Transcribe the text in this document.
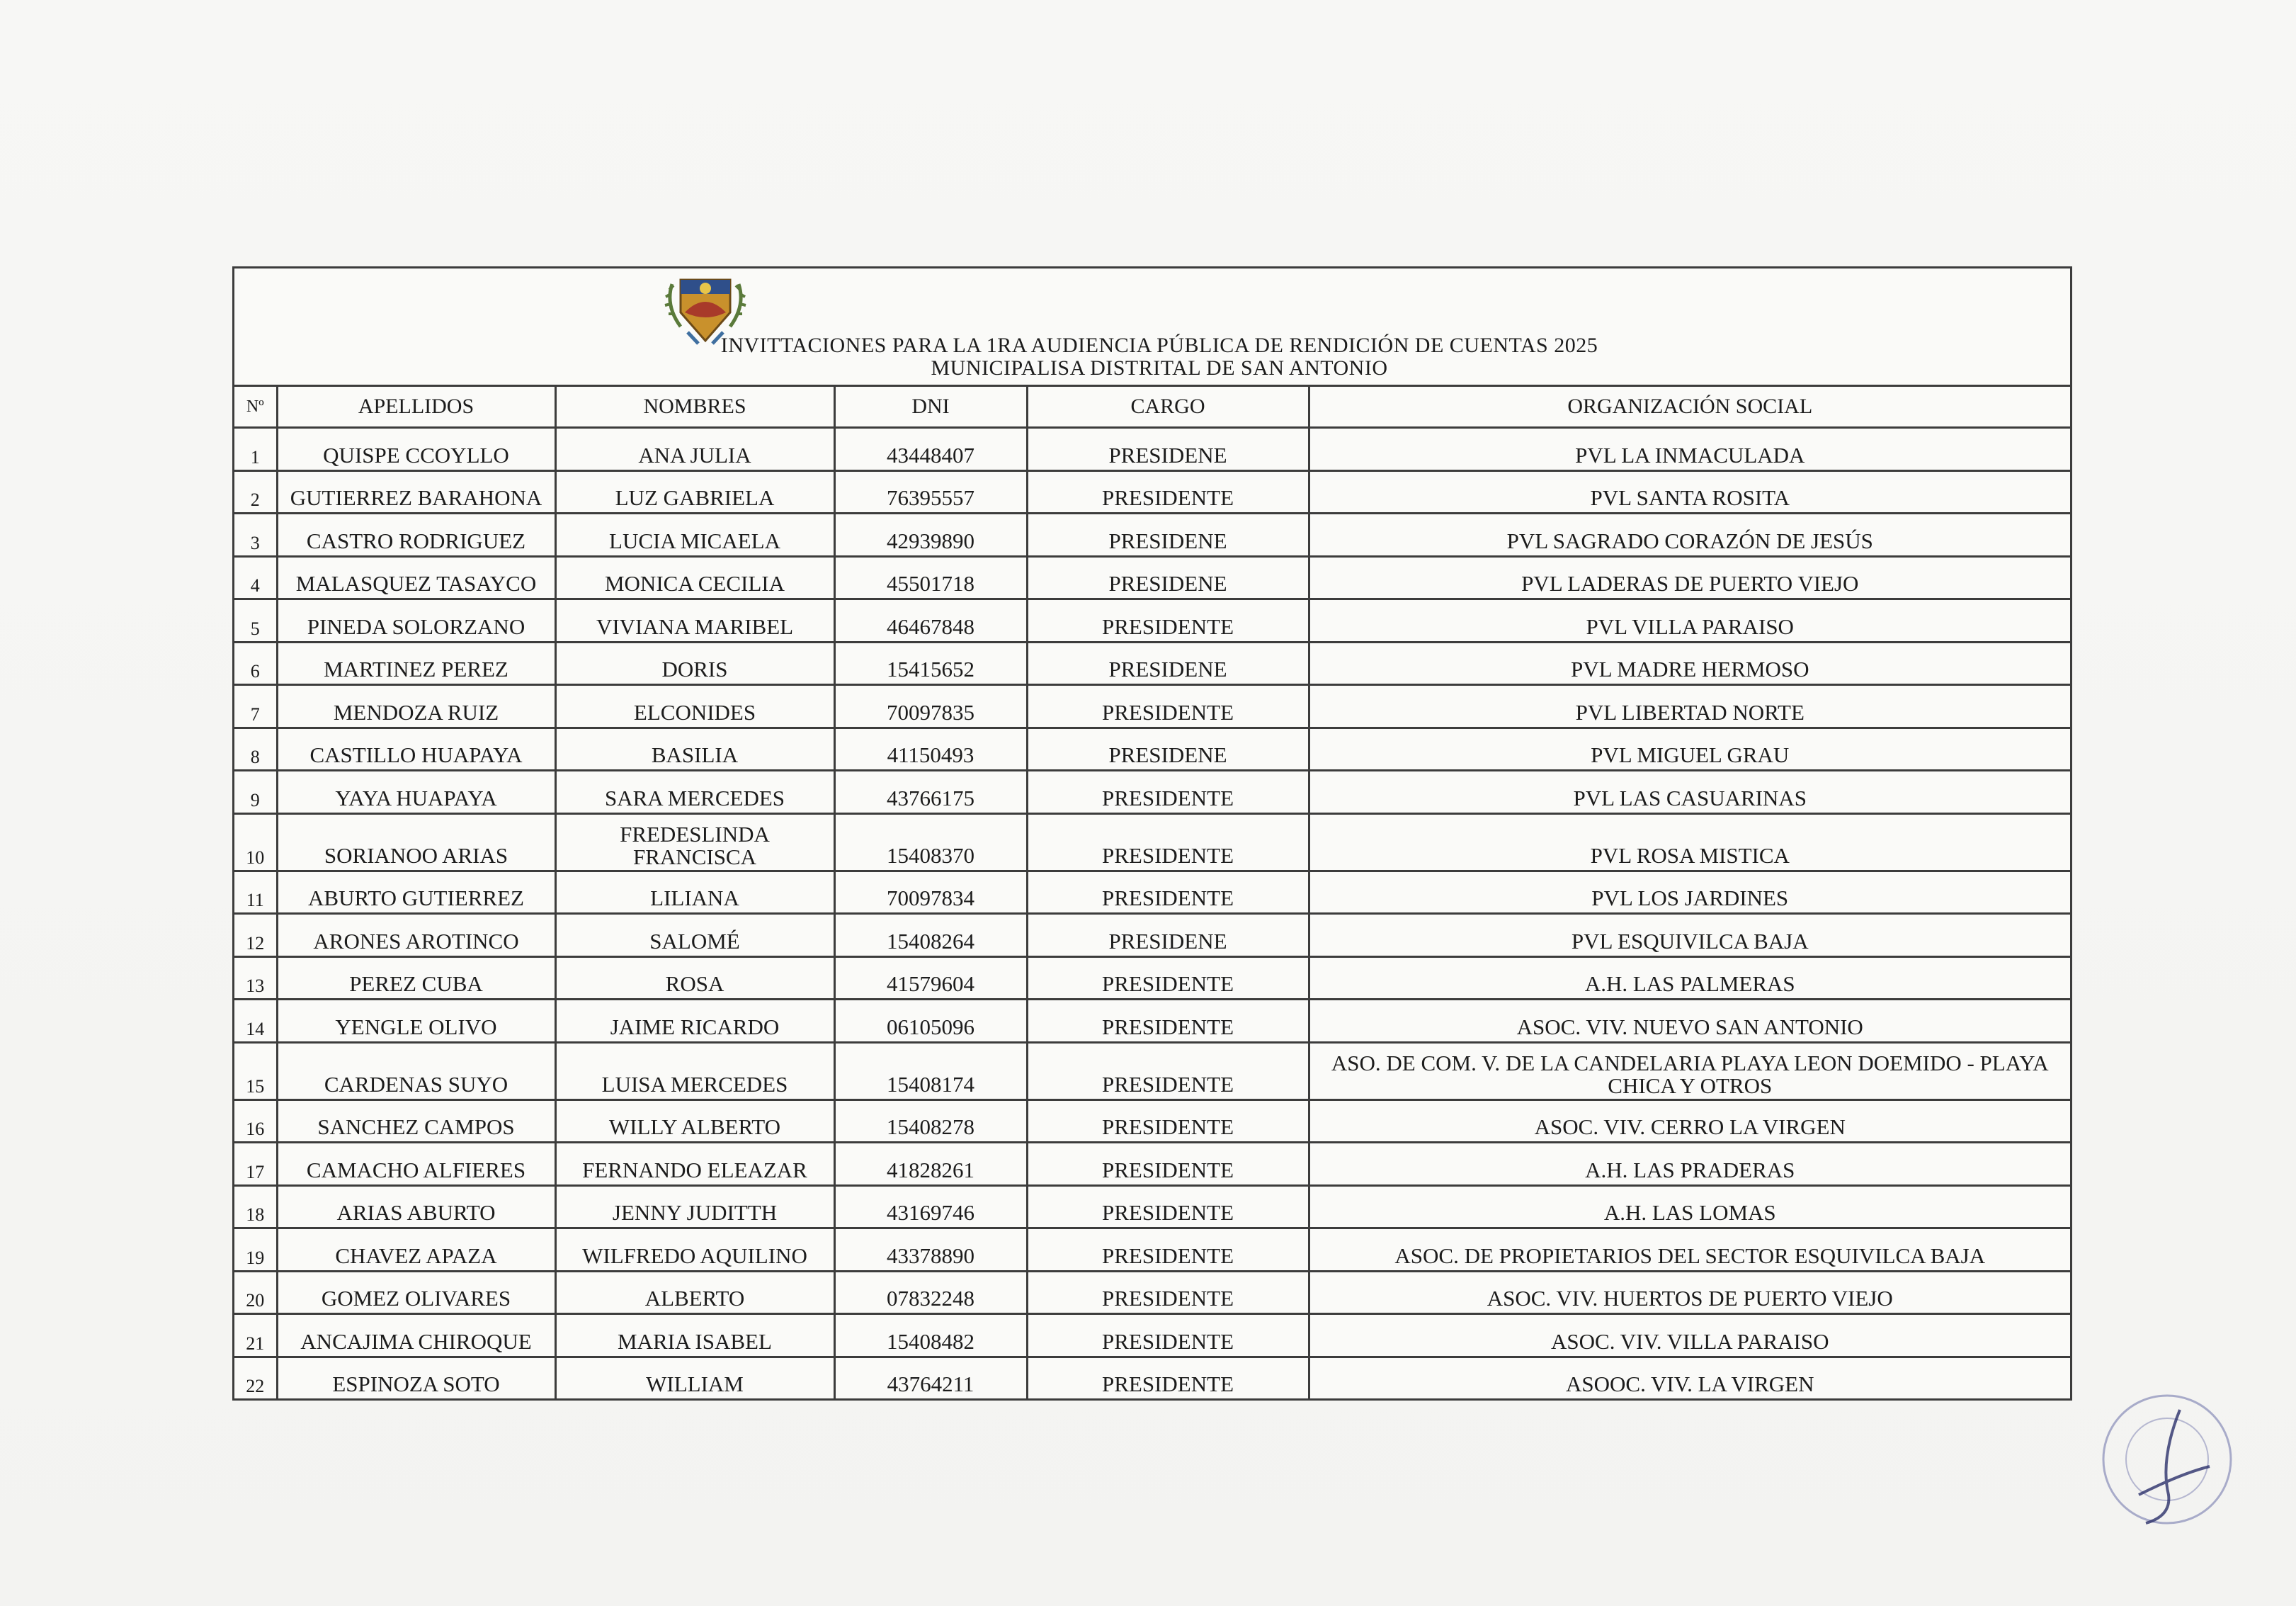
INVITTACIONES PARA LA 1RA AUDIENCIA PÚBLICA DE RENDICIÓN DE CUENTAS 2025
MUNICIPALISA DISTRITAL DE SAN ANTONIO
Nº	APELLIDOS	NOMBRES	DNI	CARGO	ORGANIZACIÓN SOCIAL
1	QUISPE CCOYLLO	ANA JULIA	43448407	PRESIDENE	PVL LA INMACULADA
2	GUTIERREZ BARAHONA	LUZ GABRIELA	76395557	PRESIDENTE	PVL SANTA ROSITA
3	CASTRO RODRIGUEZ	LUCIA MICAELA	42939890	PRESIDENE	PVL SAGRADO CORAZÓN DE JESÚS
4	MALASQUEZ TASAYCO	MONICA CECILIA	45501718	PRESIDENE	PVL LADERAS DE PUERTO VIEJO
5	PINEDA SOLORZANO	VIVIANA MARIBEL	46467848	PRESIDENTE	PVL VILLA PARAISO
6	MARTINEZ PEREZ	DORIS	15415652	PRESIDENE	PVL MADRE HERMOSO
7	MENDOZA RUIZ	ELCONIDES	70097835	PRESIDENTE	PVL LIBERTAD NORTE
8	CASTILLO HUAPAYA	BASILIA	41150493	PRESIDENE	PVL MIGUEL GRAU
9	YAYA HUAPAYA	SARA MERCEDES	43766175	PRESIDENTE	PVL LAS CASUARINAS
10	SORIANOO ARIAS	FREDESLINDA FRANCISCA	15408370	PRESIDENTE	PVL ROSA MISTICA
11	ABURTO GUTIERREZ	LILIANA	70097834	PRESIDENTE	PVL LOS JARDINES
12	ARONES AROTINCO	SALOMÉ	15408264	PRESIDENE	PVL ESQUIVILCA BAJA
13	PEREZ CUBA	ROSA	41579604	PRESIDENTE	A.H. LAS PALMERAS
14	YENGLE OLIVO	JAIME RICARDO	06105096	PRESIDENTE	ASOC. VIV. NUEVO SAN ANTONIO
15	CARDENAS SUYO	LUISA MERCEDES	15408174	PRESIDENTE	ASO. DE COM. V. DE LA CANDELARIA PLAYA LEON DOEMIDO - PLAYA CHICA Y OTROS
16	SANCHEZ CAMPOS	WILLY ALBERTO	15408278	PRESIDENTE	ASOC. VIV. CERRO LA VIRGEN
17	CAMACHO ALFIERES	FERNANDO ELEAZAR	41828261	PRESIDENTE	A.H. LAS PRADERAS
18	ARIAS ABURTO	JENNY JUDITTH	43169746	PRESIDENTE	A.H. LAS LOMAS
19	CHAVEZ APAZA	WILFREDO AQUILINO	43378890	PRESIDENTE	ASOC. DE PROPIETARIOS DEL SECTOR ESQUIVILCA BAJA
20	GOMEZ OLIVARES	ALBERTO	07832248	PRESIDENTE	ASOC. VIV. HUERTOS DE PUERTO VIEJO
21	ANCAJIMA CHIROQUE	MARIA ISABEL	15408482	PRESIDENTE	ASOC. VIV. VILLA PARAISO
22	ESPINOZA SOTO	WILLIAM	43764211	PRESIDENTE	ASOOC. VIV. LA VIRGEN
